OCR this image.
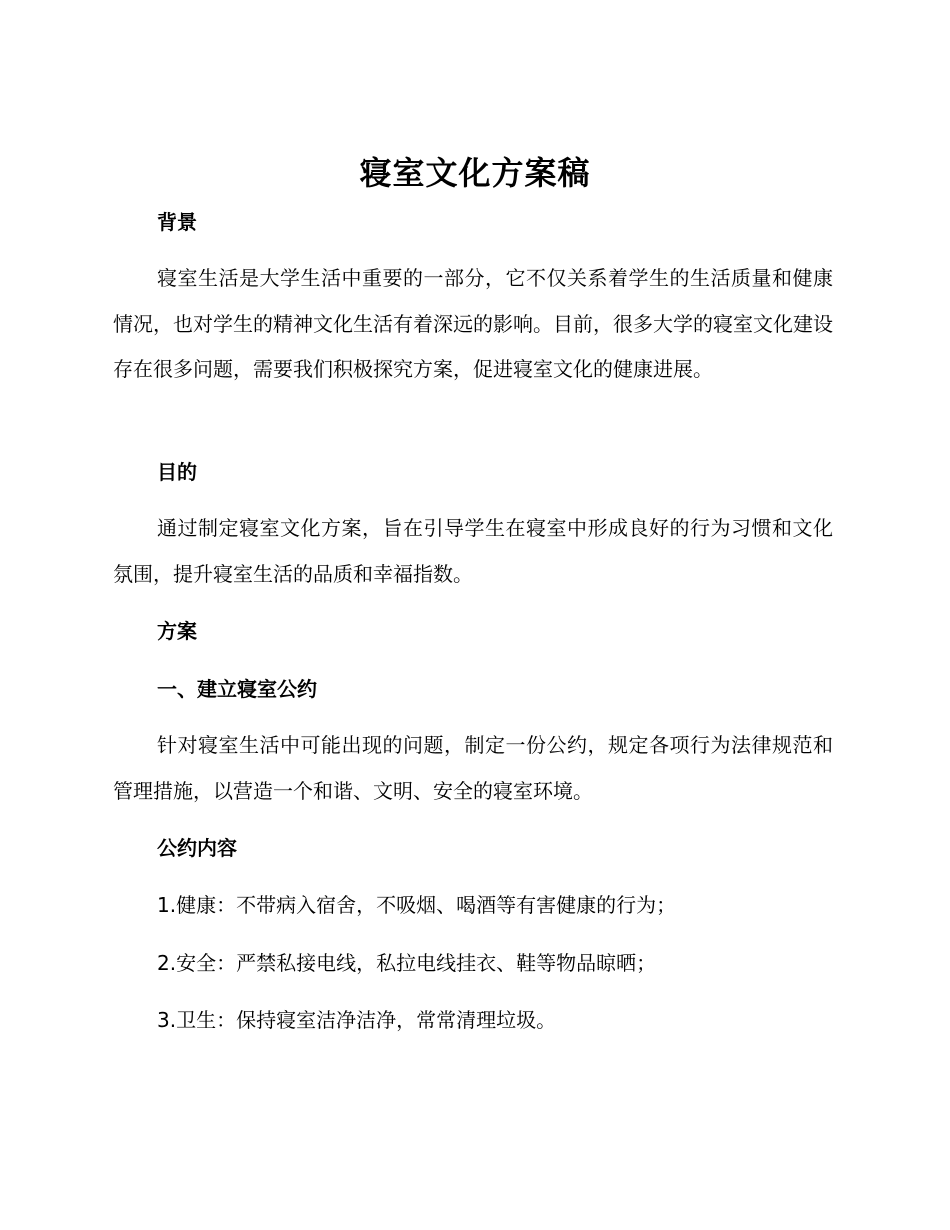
寝室文化方案稿
背景
寝室生活是大学生活中重要的一部分，它不仅关系着学生的生活质量和健康情况，也对学生的精神文化生活有着深远的影响。目前，很多大学的寝室文化建设存在很多问题，需要我们积极探究方案，促进寝室文化的健康进展。
目的
通过制定寝室文化方案，旨在引导学生在寝室中形成良好的行为习惯和文化氛围，提升寝室生活的品质和幸福指数。
方案
一、建立寝室公约
针对寝室生活中可能出现的问题，制定一份公约，规定各项行为法律规范和管理措施，以营造一个和谐、文明、安全的寝室环境。
公约内容
1.健康：不带病入宿舍，不吸烟、喝酒等有害健康的行为；
2.安全：严禁私接电线，私拉电线挂衣、鞋等物品晾晒；
3.卫生：保持寝室洁净洁净，常常清理垃圾。
